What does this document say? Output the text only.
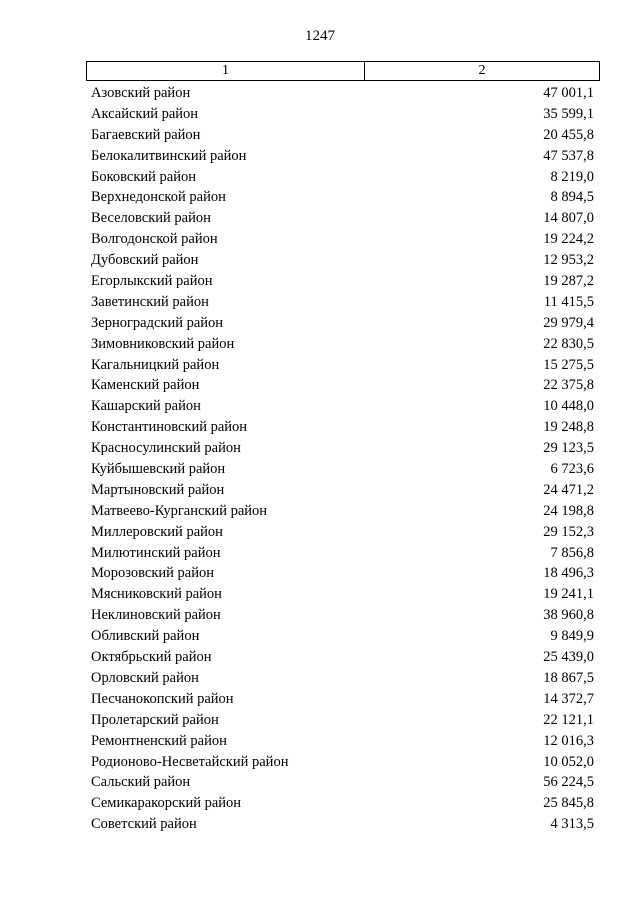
1247
1	2
Азовский район	47 001,1
Аксайский район	35 599,1
Багаевский район	20 455,8
Белокалитвинский район	47 537,8
Боковский район	8 219,0
Верхнедонской район	8 894,5
Веселовский район	14 807,0
Волгодонской район	19 224,2
Дубовский район	12 953,2
Егорлыкский район	19 287,2
Заветинский район	11 415,5
Зерноградский район	29 979,4
Зимовниковский район	22 830,5
Кагальницкий район	15 275,5
Каменский район	22 375,8
Кашарский район	10 448,0
Константиновский район	19 248,8
Красносулинский район	29 123,5
Куйбышевский район	6 723,6
Мартыновский район	24 471,2
Матвеево-Курганский район	24 198,8
Миллеровский район	29 152,3
Милютинский район	7 856,8
Морозовский район	18 496,3
Мясниковский район	19 241,1
Неклиновский район	38 960,8
Обливский район	9 849,9
Октябрьский район	25 439,0
Орловский район	18 867,5
Песчанокопский район	14 372,7
Пролетарский район	22 121,1
Ремонтненский район	12 016,3
Родионово-Несветайский район	10 052,0
Сальский район	56 224,5
Семикаракорский район	25 845,8
Советский район	4 313,5
